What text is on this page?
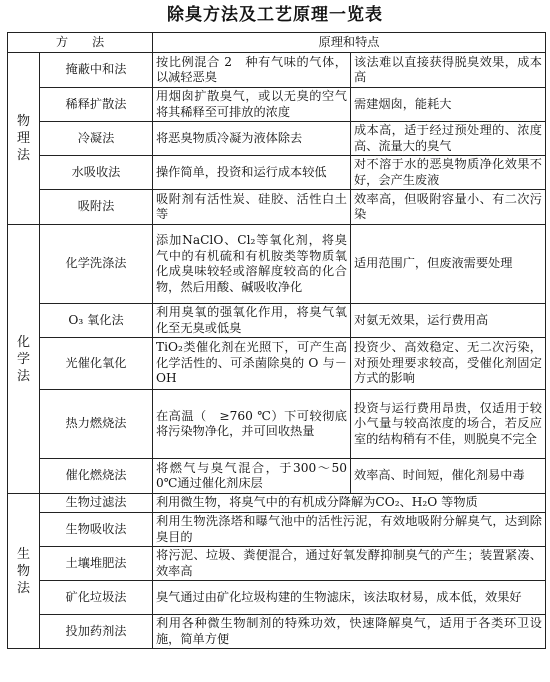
除臭方法及工艺原理一览表
方法		原理和特点	
物
理
法	掩蔽中和法	按比例混合 2　种有气味的气体，以减轻恶臭	该法难以直接获得脱臭效果，成本高
	稀释扩散法	用烟囱扩散臭气，或以无臭的空气将其稀释至可排放的浓度	需建烟囱，能耗大
	冷凝法	将恶臭物质冷凝为液体除去	成本高，适于经过预处理的、浓度高、流量大的臭气
	水吸收法	操作简单，投资和运行成本较低	对不溶于水的恶臭物质净化效果不好，会产生废液
	吸附法	吸附剂有活性炭、硅胶、活性白土等	效率高，但吸附容量小、有二次污染
化
学
法	化学洗涤法	添加NaClO、Cl₂等氧化剂，将臭气中的有机硫和有机胺类等物质氧化成臭味较轻或溶解度较高的化合物，然后用酸、碱吸收净化	适用范围广，但废液需要处理
	O₃ 氧化法	利用臭氧的强氧化作用，将臭气氧化至无臭或低臭	对氨无效果，运行费用高
	光催化氧化	TiO₂类催化剂在光照下，可产生高化学活性的、可杀菌除臭的 O 与－OH	投资少、高效稳定、无二次污染，对预处理要求较高，受催化剂固定方式的影响
	热力燃烧法	在高温（　≥760 ℃）下可较彻底将污染物净化，并可回收热量	投资与运行费用昂贵，仅适用于较小气量与较高浓度的场合，若反应室的结构稍有不佳，则脱臭不完全
	催化燃烧法	将燃气与臭气混合，于300～500℃通过催化剂床层	效率高、时间短，催化剂易中毒
生
物
法	生物过滤法	利用微生物，将臭气中的有机成分降解为CO₂、H₂O 等物质	
	生物吸收法	利用生物洗涤塔和曝气池中的活性污泥，有效地吸附分解臭气，达到除臭目的	
	土壤堆肥法	将污泥、垃圾、粪便混合，通过好氧发酵抑制臭气的产生；装置紧凑、效率高	
	矿化垃圾法	臭气通过由矿化垃圾构建的生物滤床，该法取材易，成本低，效果好	
	投加药剂法	利用各种微生物制剂的特殊功效，快速降解臭气，适用于各类环卫设施，简单方便	
